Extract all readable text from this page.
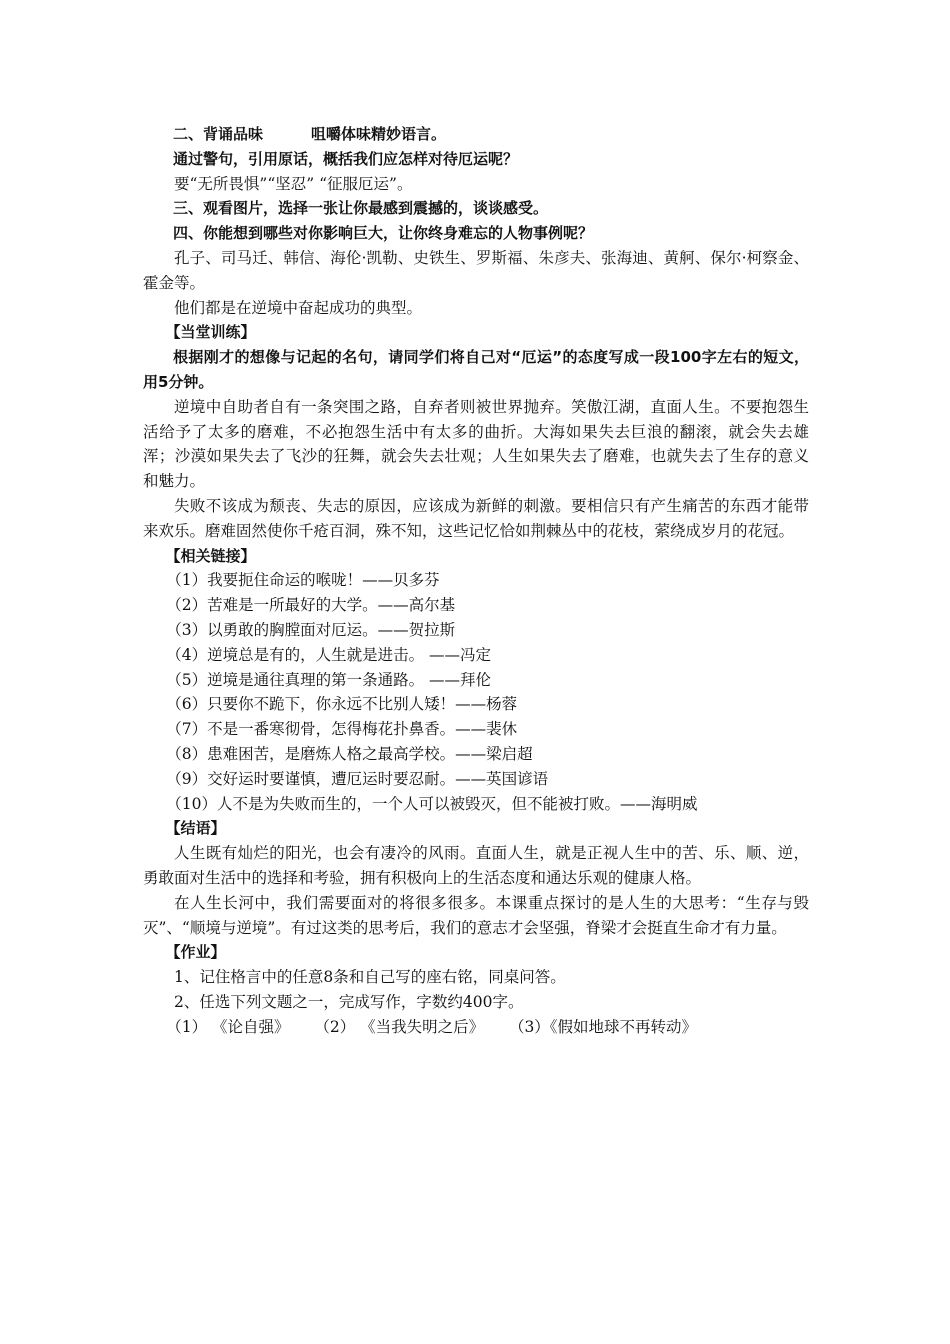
二、背诵品味	咀嚼体味精妙语言。

通过警句，引用原话，概括我们应怎样对待厄运呢？

要“无所畏惧”“坚忍” “征服厄运”。

三、观看图片，选择一张让你最感到震撼的，谈谈感受。

四、你能想到哪些对你影响巨大，让你终身难忘的人物事例呢？

孔子、司马迁、韩信、海伦·凯勒、史铁生、罗斯福、朱彦夫、张海迪、黄舸、保尔·柯察金、霍金等。

他们都是在逆境中奋起成功的典型。

【当堂训练】

根据刚才的想像与记起的名句，请同学们将自己对“厄运”的态度写成一段100字左右的短文，用5分钟。

逆境中自助者自有一条突围之路，自弃者则被世界抛弃。笑傲江湖，直面人生。不要抱怨生活给予了太多的磨难，不必抱怨生活中有太多的曲折。大海如果失去巨浪的翻滚，就会失去雄浑；沙漠如果失去了飞沙的狂舞，就会失去壮观；人生如果失去了磨难，也就失去了生存的意义和魅力。

失败不该成为颓丧、失志的原因，应该成为新鲜的刺激。要相信只有产生痛苦的东西才能带来欢乐。磨难固然使你千疮百洞，殊不知，这些记忆恰如荆棘丛中的花枝，萦绕成岁月的花冠。

【相关链接】

（1）我要扼住命运的喉咙！——贝多芬

（2）苦难是一所最好的大学。——高尔基

（3）以勇敢的胸膛面对厄运。——贺拉斯

（4）逆境总是有的，人生就是进击。 ——冯定

（5）逆境是通往真理的第一条通路。 ——拜伦

（6）只要你不跪下，你永远不比别人矮！——杨蓉

（7）不是一番寒彻骨，怎得梅花扑鼻香。——裴休

（8）患难困苦，是磨炼人格之最高学校。——梁启超

（9）交好运时要谨慎，遭厄运时要忍耐。——英国谚语

（10）人不是为失败而生的，一个人可以被毁灭，但不能被打败。——海明威

【结语】

人生既有灿烂的阳光，也会有凄冷的风雨。直面人生，就是正视人生中的苦、乐、顺、逆，勇敢面对生活中的选择和考验，拥有积极向上的生活态度和通达乐观的健康人格。

在人生长河中，我们需要面对的将很多很多。本课重点探讨的是人生的大思考：“生存与毁灭”、“顺境与逆境”。有过这类的思考后，我们的意志才会坚强，脊梁才会挺直生命才有力量。

【作业】

1、记住格言中的任意8条和自己写的座右铭，同桌问答。

2、任选下列文题之一，完成写作，字数约400字。

（1） 《论自强》 （2） 《当我失明之后》 （3）《假如地球不再转动》
